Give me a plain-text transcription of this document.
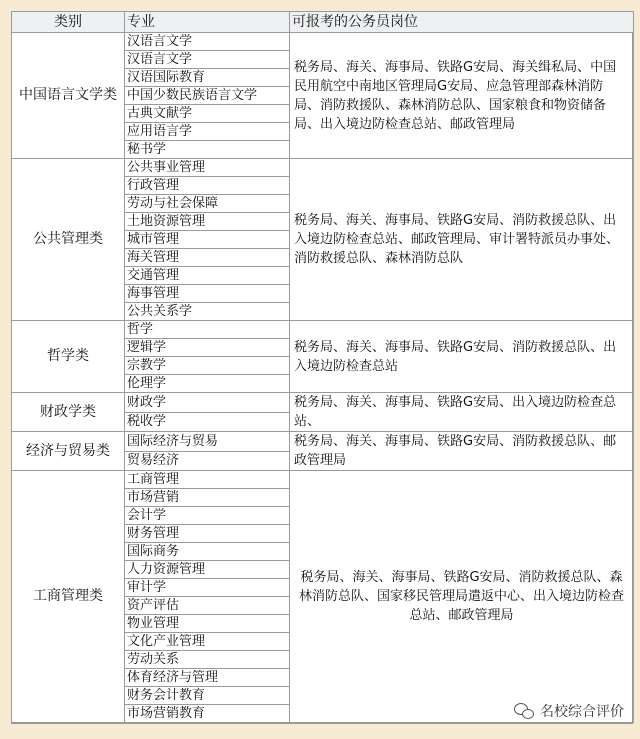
类别	专业	可报考的公务员岗位
中国语言文学类	汉语言文学	税务局、海关、海事局、铁路G安局、海关缉私局、中国民用航空中南地区管理局G安局、应急管理部森林消防局、消防救援队、森林消防总队、国家粮食和物资储备局、出入境边防检查总站、邮政管理局
	汉语言文学	
	汉语国际教育	
	中国少数民族语言文学	
	古典文献学	
	应用语言学	
	秘书学	
公共管理类	公共事业管理	税务局、海关、海事局、铁路G安局、消防救援总队、出入境边防检查总站、邮政管理局、审计署特派员办事处、消防救援总队、森林消防总队
	行政管理	
	劳动与社会保障	
	土地资源管理	
	城市管理	
	海关管理	
	交通管理	
	海事管理	
	公共关系学	
哲学类	哲学	税务局、海关、海事局、铁路G安局、消防救援总队、出入境边防检查总站
	逻辑学	
	宗教学	
	伦理学	
财政学类	财政学	税务局、海关、海事局、铁路G安局、出入境边防检查总站、
	税收学	
经济与贸易类	国际经济与贸易	税务局、海关、海事局、铁路G安局、消防救援总队、邮政管理局
	贸易经济	
工商管理类	工商管理	税务局、海关、海事局、铁路G安局、消防救援总队、森林消防总队、国家移民管理局遣返中心、出入境边防检查总站、邮政管理局
	市场营销	
	会计学	
	财务管理	
	国际商务	
	人力资源管理	
	审计学	
	资产评估	
	物业管理	
	文化产业管理	
	劳动关系	
	体育经济与管理	
	财务会计教育	
	市场营销教育		名校综合评价
